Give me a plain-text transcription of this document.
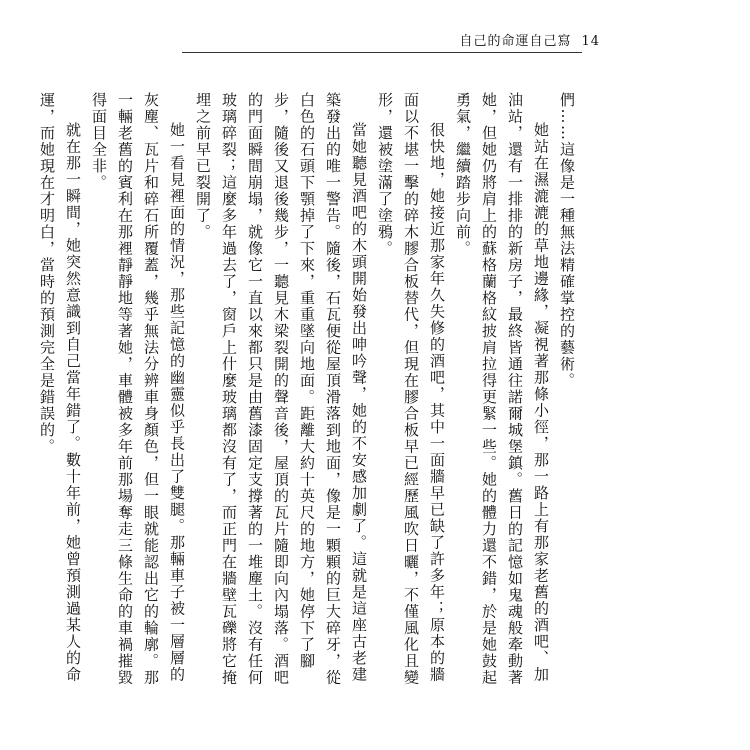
自己的命運自己寫 14

們……這像是一種無法精確掌控的藝術。

她站在濕漉漉的草地邊緣，凝視著那條小徑，那一路上有那家老舊的酒吧、加油站，還有一排排的新房子，最終皆通往諾爾城堡鎮。舊日的記憶如鬼魂般牽動著她，但她仍將肩上的蘇格蘭格紋披肩拉得更緊一些。她的體力還不錯，於是她鼓起勇氣，繼續踏步向前。

很快地，她接近那家年久失修的酒吧，其中一面牆早已缺了許多年；原本的牆面以不堪一擊的碎木膠合板替代，但現在膠合板早已經歷風吹日曬，不僅風化且變形，還被塗滿了塗鴉。

當她聽見酒吧的木頭開始發出呻吟聲，她的不安感加劇了。這就是這座古老建築發出的唯一警告。隨後，石瓦便從屋頂滑落到地面，像是一顆顆的巨大碎牙，從白色的石頭下顎掉了下來，重重墜向地面。距離大約十英尺的地方，她停下了腳步，隨後又退後幾步，一聽見木梁裂開的聲音後，屋頂的瓦片隨即向內塌落。酒吧的門面瞬間崩塌，就像它一直以來都只是由舊漆固定支撐著的一堆塵土。沒有任何玻璃碎裂；這麼多年過去了，窗戶上什麼玻璃都沒有了，而正門在牆壁瓦礫將它掩埋之前早已裂開了。

她一看見裡面的情況，那些記憶的幽靈似乎長出了雙腿。那輛車子被一層層的灰塵、瓦片和碎石所覆蓋，幾乎無法分辨車身顏色，但一眼就能認出它的輪廓。那一輛老舊的賓利在那裡靜靜地等著她，車體被多年前那場奪走三條生命的車禍摧毀得面目全非。

就在那一瞬間，她突然意識到自己當年錯了。數十年前，她曾預測過某人的命運，而她現在才明白，當時的預測完全是錯誤的。
